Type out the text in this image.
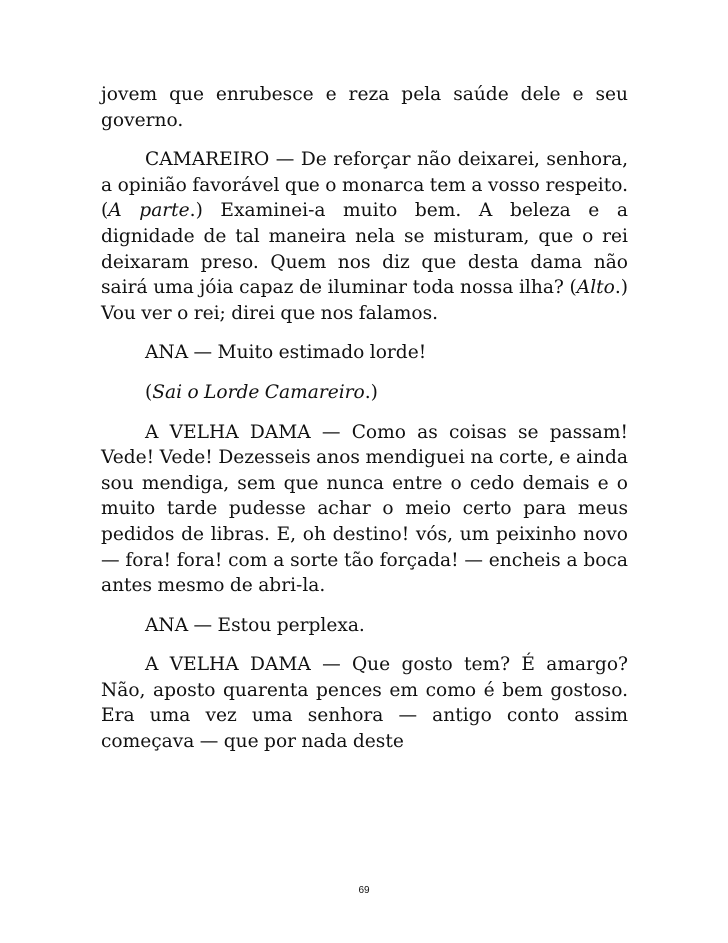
jovem que enrubesce e reza pela saúde dele e seu governo.

CAMAREIRO — De reforçar não deixarei, senhora, a opinião favorável que o monarca tem a vosso respeito. (A parte.) Examinei-a muito bem. A beleza e a dignidade de tal maneira nela se misturam, que o rei deixaram preso. Quem nos diz que desta dama não sairá uma jóia capaz de iluminar toda nossa ilha? (Alto.) Vou ver o rei; direi que nos falamos.

ANA — Muito estimado lorde!

(Sai o Lorde Camareiro.)

A VELHA DAMA — Como as coisas se passam! Vede! Vede! Dezesseis anos mendiguei na corte, e ainda sou mendiga, sem que nunca entre o cedo demais e o muito tarde pudesse achar o meio certo para meus pedidos de libras. E, oh destino! vós, um peixinho novo — fora! fora! com a sorte tão forçada! — encheis a boca antes mesmo de abri-la.

ANA — Estou perplexa.

A VELHA DAMA — Que gosto tem? É amargo? Não, aposto quarenta pences em como é bem gostoso. Era uma vez uma senhora — antigo conto assim começava — que por nada deste

69
